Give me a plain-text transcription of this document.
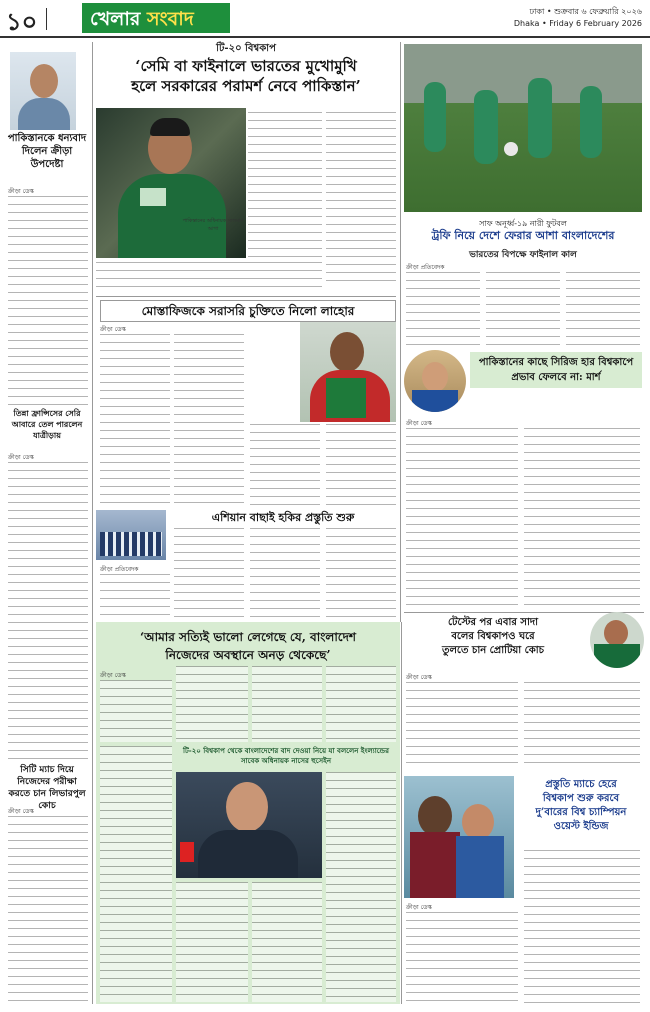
১০	খেলার সংবাদ	ঢাকা • শুক্রবার ৬ ফেব্রুয়ারি ২০২৬
Dhaka • Friday 6 February 2026
পাকিস্তানকে ধন্যবাদ দিলেন ক্রীড়া উপদেষ্টা
ক্রীড়া ডেস্ক
তিন্না ফ্রান্সিসের সেরি আবারে তেল পারলেন যাত্রীড়ায়
ক্রীড়া ডেস্ক
সিটি ম্যাচ দিয়ে নিজেদের পরীক্ষা করতে চান লিভারপুল কোচ
ক্রীড়া ডেস্ক
টি-২০ বিশ্বকাপ
‘সেমি বা ফাইনালে ভারতের মুখোমুখি
হলে সরকারের পরামর্শ নেবে পাকিস্তান’
পাকিস্তানের অধিনায়ক সালমান আগা
মোস্তাফিজকে সরাসরি চুক্তিতে নিলো লাহোর
ক্রীড়া ডেস্ক
এশিয়ান বাছাই হকির প্রস্তুতি শুরু
ক্রীড়া প্রতিবেদক
সাফ অনূর্ধ্ব-১৯ নারী ফুটবল
ট্রফি নিয়ে দেশে ফেরার আশা বাংলাদেশের
ভারতের বিপক্ষে ফাইনাল কাল
ক্রীড়া প্রতিবেদক
পাকিস্তানের কাছে সিরিজ হার বিশ্বকাপে প্রভাব ফেলবে না: মার্শ
ক্রীড়া ডেস্ক
টেস্টের পর এবার সাদা
বলের বিশ্বকাপও ঘরে
তুলতে চান প্রোটিয়া কোচ
ক্রীড়া ডেস্ক
প্রস্তুতি ম্যাচে হেরে
বিশ্বকাপ শুরু করবে
দু’বারের বিশ্ব চ্যাম্পিয়ন
ওয়েস্ট ইন্ডিজ
ক্রীড়া ডেস্ক
‘আমার সত্যিই ভালো লেগেছে যে, বাংলাদেশ
নিজেদের অবস্থানে অনড় থেকেছে’
ক্রীড়া ডেস্ক
টি-২০ বিশ্বকাপ থেকে বাংলাদেশের বাদ দেওয়া নিয়ে যা বললেন ইংল্যান্ডের সাবেক অধিনায়ক নাসের হুসেইন
